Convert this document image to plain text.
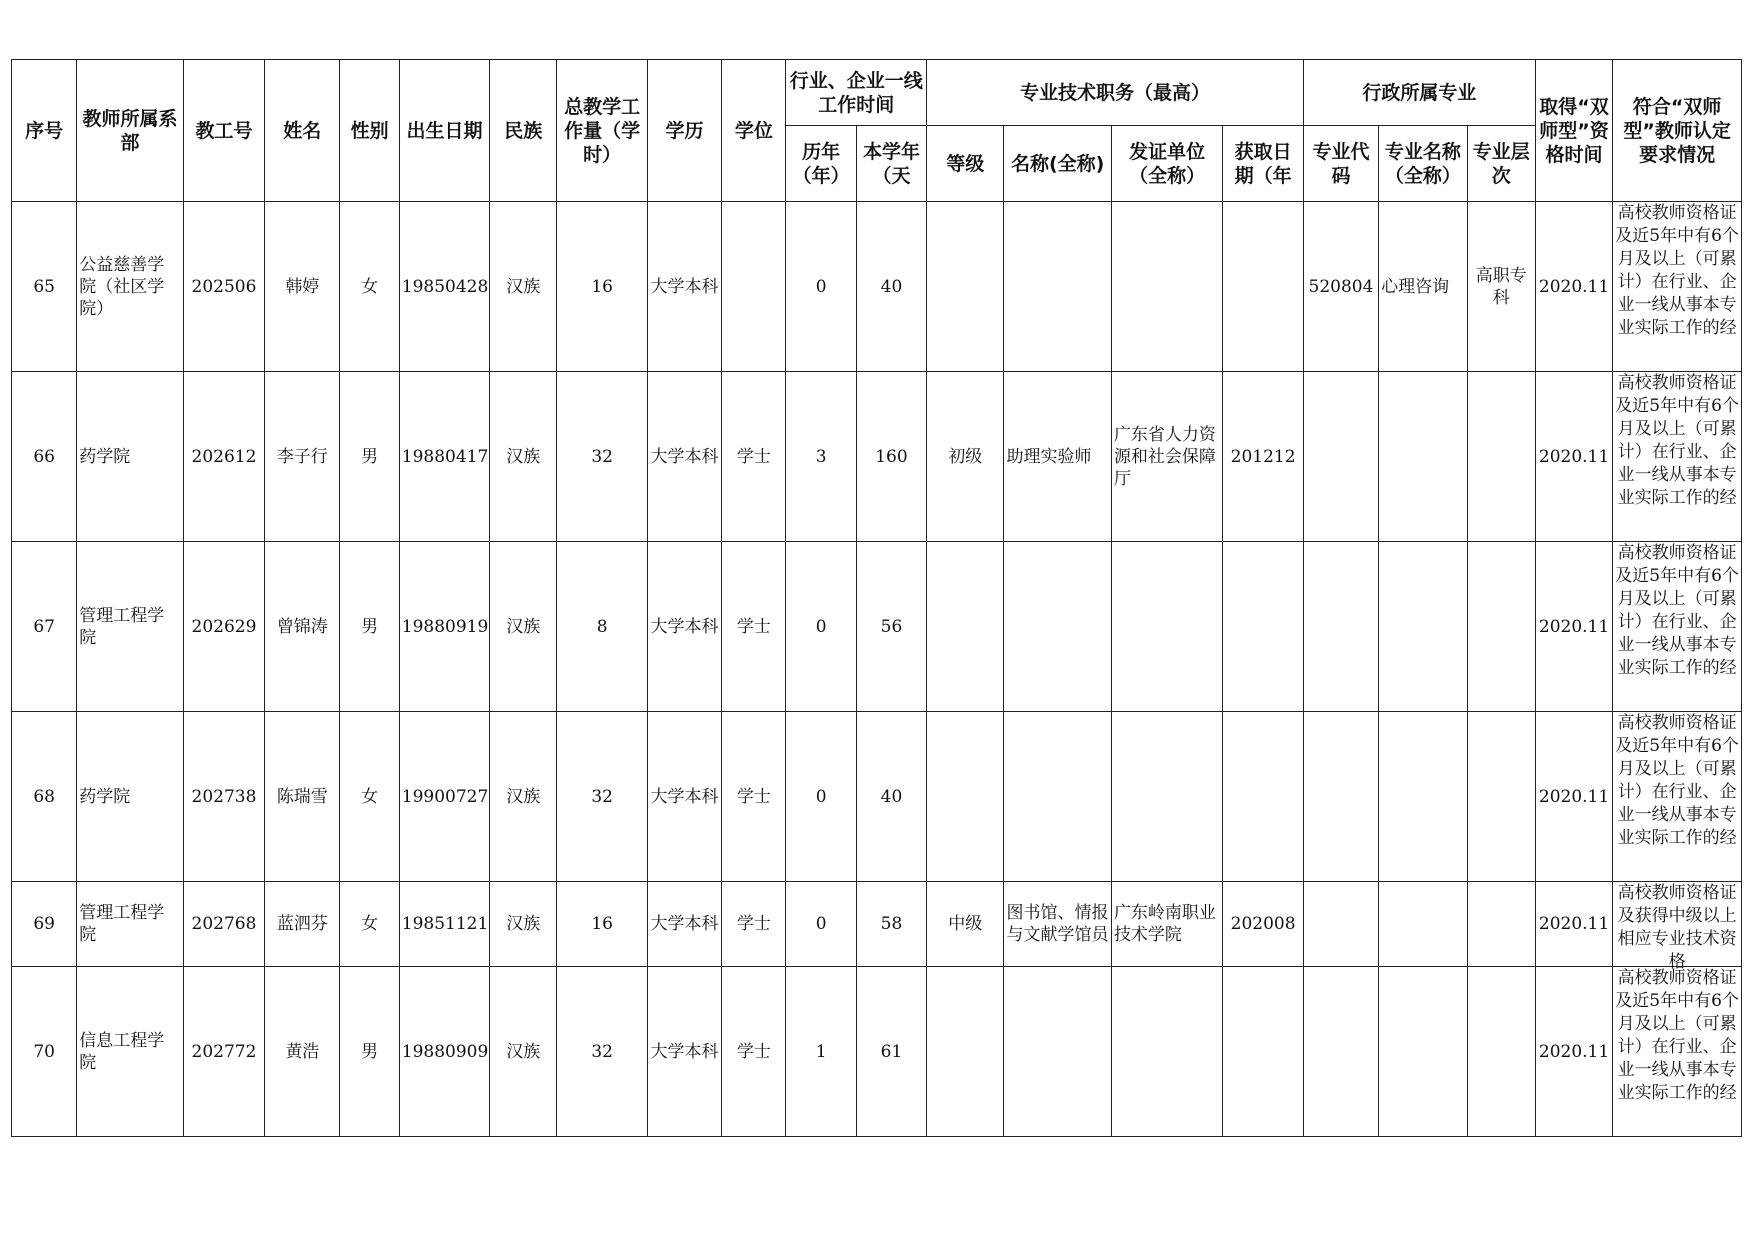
序号	教师所属系部	教工号	姓名	性别	出生日期	民族	总教学工作量（学时）	学历	学位	行业、企业一线工作时间		专业技术职务（最高）				行政所属专业			取得“双师型”资格时间	符合“双师型”教师认定要求情况

										历年（年）	本学年（天	等级	名称(全称)	发证单位（全称）	获取日期（年	专业代码	专业名称（全称）	专业层次		

65	公益慈善学院（社区学院）	202506	韩婷	女	19850428	汉族	16	大学本科		0	40					520804	心理咨询	高职专科	2020.11	高校教师资格证及近5年中有6个月及以上（可累计）在行业、企业一线从事本专业实际工作的经

66	药学院	202612	李子行	男	19880417	汉族	32	大学本科	学士	3	160	初级	助理实验师	广东省人力资源和社会保障厅	201212				2020.11	高校教师资格证及近5年中有6个月及以上（可累计）在行业、企业一线从事本专业实际工作的经

67	管理工程学院	202629	曾锦涛	男	19880919	汉族	8	大学本科	学士	0	56								2020.11	高校教师资格证及近5年中有6个月及以上（可累计）在行业、企业一线从事本专业实际工作的经

68	药学院	202738	陈瑞雪	女	19900727	汉族	32	大学本科	学士	0	40								2020.11	高校教师资格证及近5年中有6个月及以上（可累计）在行业、企业一线从事本专业实际工作的经

69	管理工程学院	202768	蓝泗芬	女	19851121	汉族	16	大学本科	学士	0	58	中级	图书馆、情报与文献学馆员	广东岭南职业技术学院	202008				2020.11	高校教师资格证及获得中级以上相应专业技术资格

70	信息工程学院	202772	黄浩	男	19880909	汉族	32	大学本科	学士	1	61								2020.11	高校教师资格证及近5年中有6个月及以上（可累计）在行业、企业一线从事本专业实际工作的经
